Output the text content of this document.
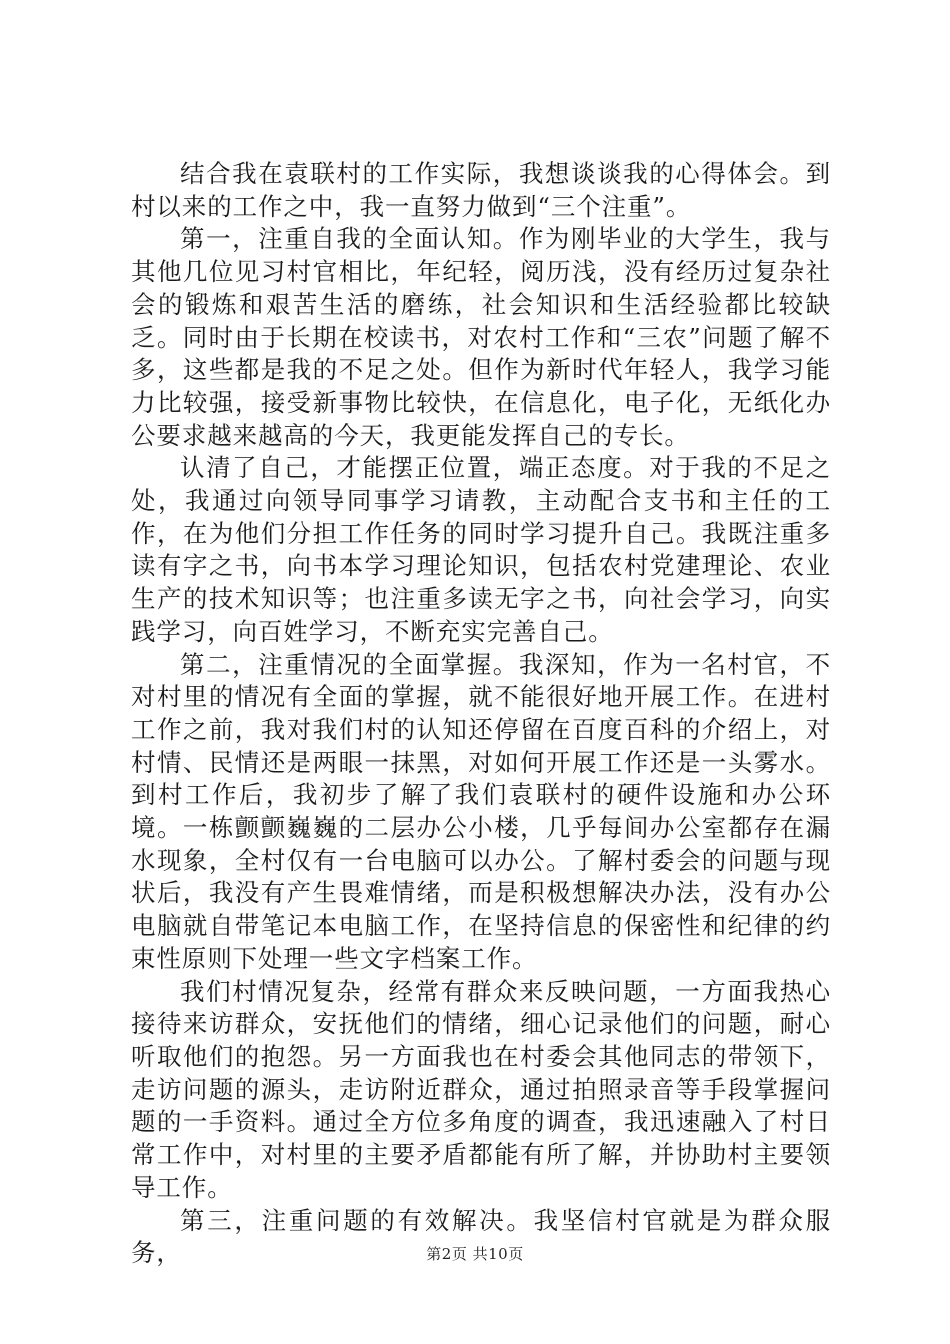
结合我在袁联村的工作实际，我想谈谈我的心得体会。到村以来的工作之中，我一直努力做到“三个注重”。

第一，注重自我的全面认知。作为刚毕业的大学生，我与其他几位见习村官相比，年纪轻，阅历浅，没有经历过复杂社会的锻炼和艰苦生活的磨练，社会知识和生活经验都比较缺乏。同时由于长期在校读书，对农村工作和“三农”问题了解不多，这些都是我的不足之处。但作为新时代年轻人，我学习能力比较强，接受新事物比较快，在信息化，电子化，无纸化办公要求越来越高的今天，我更能发挥自己的专长。

认清了自己，才能摆正位置，端正态度。对于我的不足之处，我通过向领导同事学习请教，主动配合支书和主任的工作，在为他们分担工作任务的同时学习提升自己。我既注重多读有字之书，向书本学习理论知识，包括农村党建理论、农业生产的技术知识等；也注重多读无字之书，向社会学习，向实践学习，向百姓学习，不断充实完善自己。

第二，注重情况的全面掌握。我深知，作为一名村官，不对村里的情况有全面的掌握，就不能很好地开展工作。在进村工作之前，我对我们村的认知还停留在百度百科的介绍上，对村情、民情还是两眼一抹黑，对如何开展工作还是一头雾水。到村工作后，我初步了解了我们袁联村的硬件设施和办公环境。一栋颤颤巍巍的二层办公小楼，几乎每间办公室都存在漏水现象，全村仅有一台电脑可以办公。了解村委会的问题与现状后，我没有产生畏难情绪，而是积极想解决办法，没有办公电脑就自带笔记本电脑工作，在坚持信息的保密性和纪律的约束性原则下处理一些文字档案工作。

我们村情况复杂，经常有群众来反映问题，一方面我热心接待来访群众，安抚他们的情绪，细心记录他们的问题，耐心听取他们的抱怨。另一方面我也在村委会其他同志的带领下，走访问题的源头，走访附近群众，通过拍照录音等手段掌握问题的一手资料。通过全方位多角度的调查，我迅速融入了村日常工作中，对村里的主要矛盾都能有所了解，并协助村主要领导工作。

第三，注重问题的有效解决。我坚信村官就是为群众服务，	第2页 共10页
